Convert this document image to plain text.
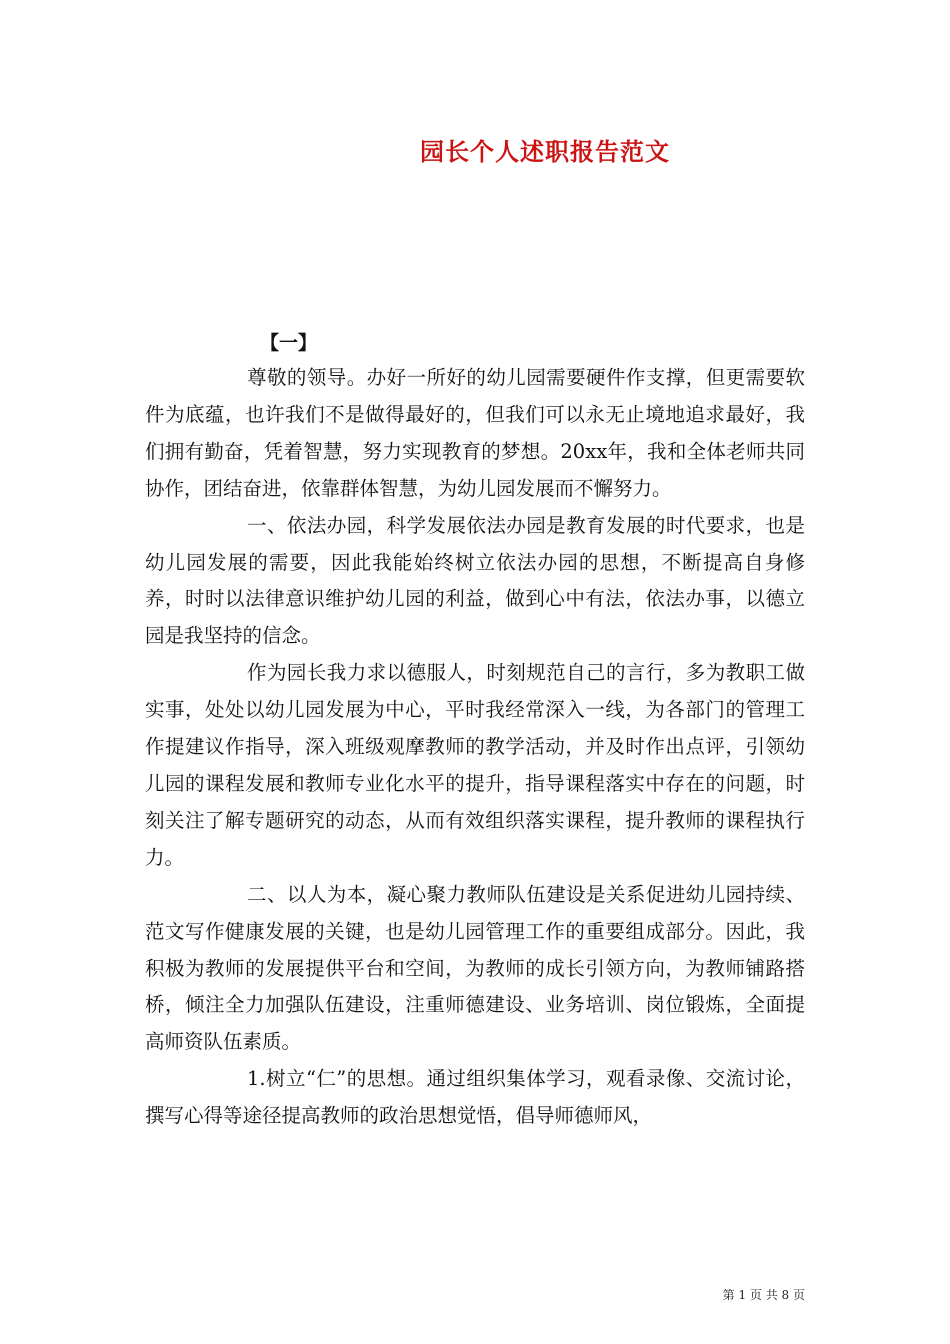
园长个人述职报告范文
【一】

尊敬的领导。办好一所好的幼儿园需要硬件作支撑，但更需要软件为底蕴，也许我们不是做得最好的，但我们可以永无止境地追求最好，我们拥有勤奋，凭着智慧，努力实现教育的梦想。20xx年，我和全体老师共同协作，团结奋进，依靠群体智慧，为幼儿园发展而不懈努力。

一、依法办园，科学发展依法办园是教育发展的时代要求，也是幼儿园发展的需要，因此我能始终树立依法办园的思想，不断提高自身修养，时时以法律意识维护幼儿园的利益，做到心中有法，依法办事，以德立园是我坚持的信念。

作为园长我力求以德服人，时刻规范自己的言行，多为教职工做实事，处处以幼儿园发展为中心，平时我经常深入一线，为各部门的管理工作提建议作指导，深入班级观摩教师的教学活动，并及时作出点评，引领幼儿园的课程发展和教师专业化水平的提升，指导课程落实中存在的问题，时刻关注了解专题研究的动态，从而有效组织落实课程，提升教师的课程执行力。

二、以人为本，凝心聚力教师队伍建设是关系促进幼儿园持续、范文写作健康发展的关键，也是幼儿园管理工作的重要组成部分。因此，我积极为教师的发展提供平台和空间，为教师的成长引领方向，为教师铺路搭桥，倾注全力加强队伍建设，注重师德建设、业务培训、岗位锻炼，全面提高师资队伍素质。

1.树立“仁”的思想。通过组织集体学习，观看录像、交流讨论，撰写心得等途径提高教师的政治思想觉悟，倡导师德师风，

第 1 页 共 8 页
